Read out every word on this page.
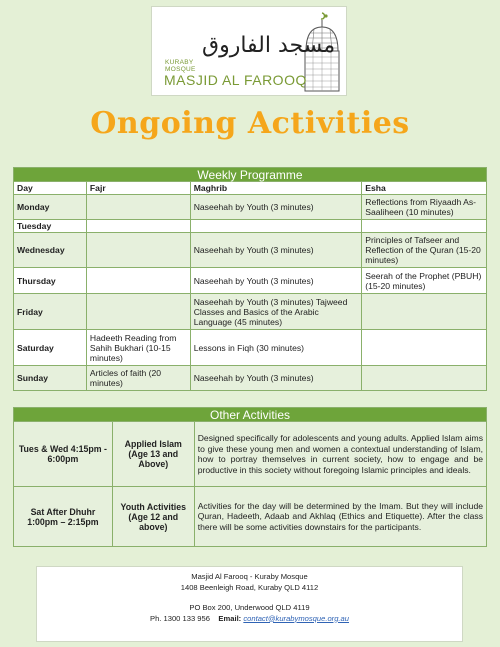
مسجد الفاروق
KURABY
MOSQUE
MASJID AL FAROOQ
Ongoing Activities
Weekly Programme			
Day	Fajr	Maghrib	Esha
Monday		Naseehah by Youth (3 minutes)	Reflections from Riyaadh As-Saaliheen (10 minutes)
Tuesday			
Wednesday		Naseehah by Youth (3 minutes)	Principles of Tafseer and Reflection of the Quran (15-20 minutes)
Thursday		Naseehah by Youth (3 minutes)	Seerah of the Prophet (PBUH) (15-20 minutes)
Friday		Naseehah by Youth (3 minutes) Tajweed Classes and Basics of the Arabic Language (45 minutes)	
Saturday	Hadeeth Reading from Sahih Bukhari (10-15 minutes)	Lessons in Fiqh (30 minutes)	
Sunday	Articles of faith (20 minutes)	Naseehah by Youth (3 minutes)	
Other Activities		
Tues & Wed 4:15pm - 6:00pm	Applied Islam (Age 13 and Above)	Designed specifically for adolescents and young adults. Applied Islam aims to give these young men and women a contextual understanding of Islam, how to portray themselves in current society, how to engage and be productive in this society without foregoing Islamic principles and ideals.
Sat After Dhuhr 1:00pm – 2:15pm	Youth Activities (Age 12 and above)	Activities for the day will be determined by the Imam. But they will include Quran, Hadeeth, Adaab and Akhlaq (Ethics and Etiquette). After the class there will be some activities downstairs for the participants.
Masjid Al Farooq - Kuraby Mosque
1408 Beenleigh Road, Kuraby QLD 4112
PO Box 200, Underwood QLD 4119
Ph. 1300 133 956 Email: contact@kurabymosque.org.au
